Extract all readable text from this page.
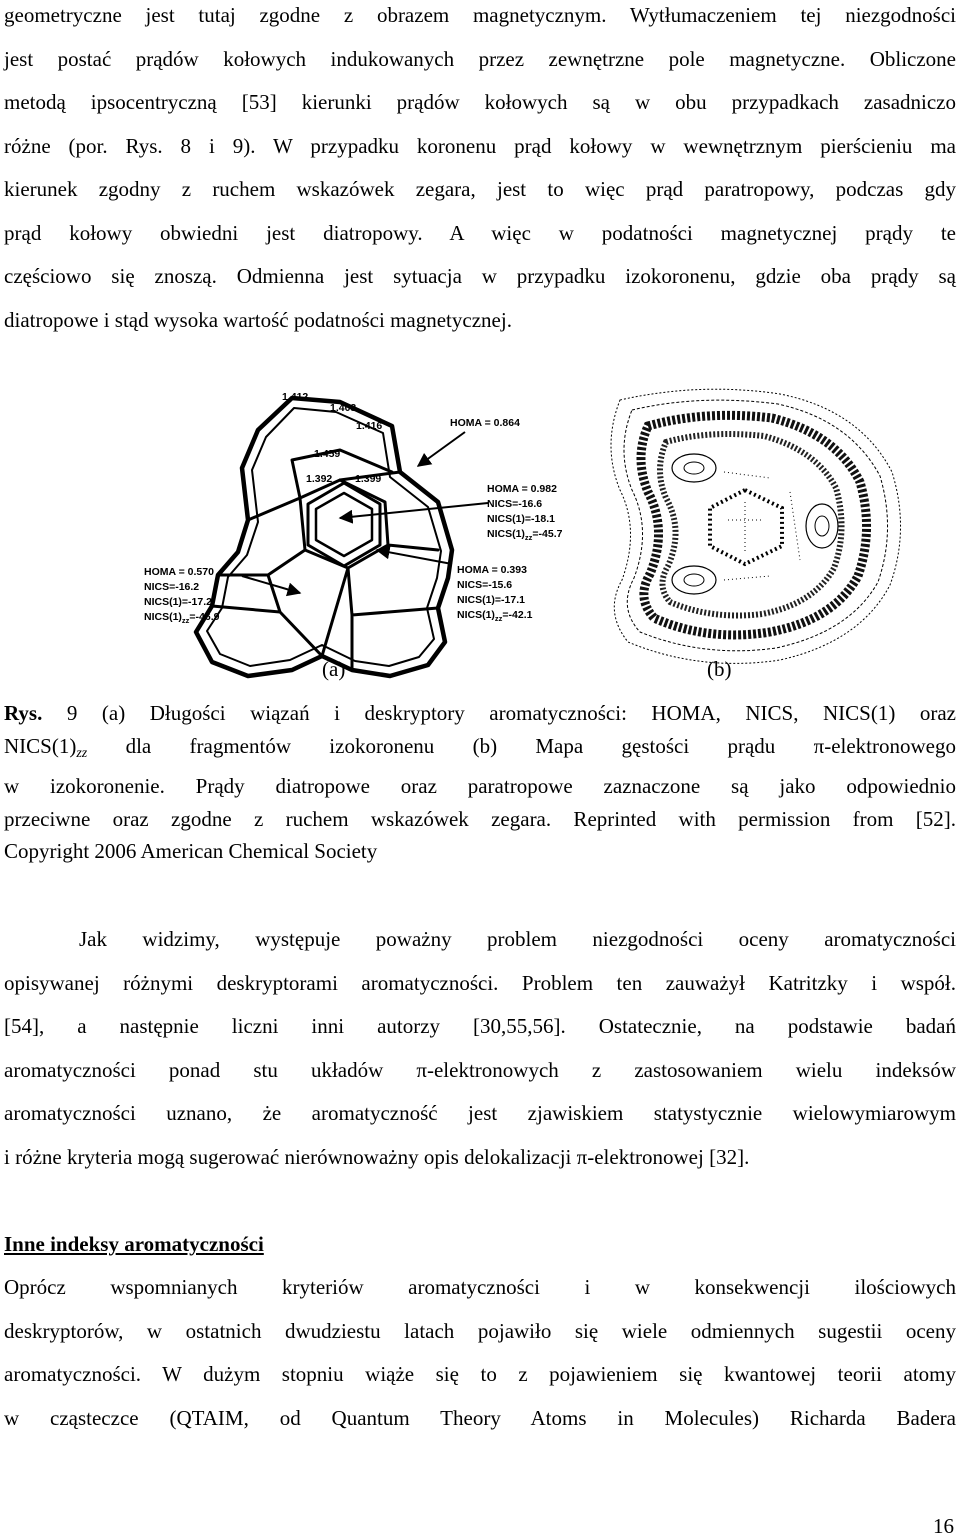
geometryczne jest tutaj zgodne z obrazem magnetycznym. Wytłumaczeniem tej niezgodności
jest postać prądów kołowych indukowanych przez zewnętrzne pole magnetyczne. Obliczone
metodą ipsocentryczną [53] kierunki prądów kołowych są w obu przypadkach zasadniczo
różne (por. Rys. 8 i 9). W przypadku koronenu prąd kołowy w wewnętrznym pierścieniu ma
kierunek zgodny z ruchem wskazówek zegara, jest to więc prąd paratropowy, podczas gdy
prąd kołowy obwiedni jest diatropowy. A więc w podatności magnetycznej prądy te
częściowo się znoszą. Odmienna jest sytuacja w przypadku izokoronenu, gdzie oba prądy są
diatropowe i stąd wysoka wartość podatności magnetycznej.
1.412
1.403
1.416
1.459
1.392 1.399
HOMA = 0.864
HOMA = 0.982
NICS=-16.6
NICS(1)=-18.1
$NICS(1)_{zz}=-45.7$
HOMA = 0.570
NICS=-16.2
NICS(1)=-17.2
$NICS(1)_{zz}=-46.9$
HOMA = 0.393
NICS=-15.6
NICS(1)=-17.1
$NICS(1)_{zz}=-42.1$
(a)	(b)
Rys. 9 (a) Długości wiązań i deskryptory aromatyczności: HOMA, NICS, NICS(1) oraz
$NICS(1)_{zz}$ dla fragmentów izokoronenu (b) Mapa gęstości prądu π-elektronowego
w izokoronenie. Prądy diatropowe oraz paratropowe zaznaczone są jako odpowiednio
przeciwne oraz zgodne z ruchem wskazówek zegara. Reprinted with permission from [52].
Copyright 2006 American Chemical Society
Jak widzimy, występuje poważny problem niezgodności oceny aromatyczności
opisywanej różnymi deskryptorami aromatyczności. Problem ten zauważył Katritzky i współ.
[54], a następnie liczni inni autorzy [30,55,56]. Ostatecznie, na podstawie badań
aromatyczności ponad stu układów π-elektronowych z zastosowaniem wielu indeksów
aromatyczności uznano, że aromatyczność jest zjawiskiem statystycznie wielowymiarowym
i różne kryteria mogą sugerować nierównoważny opis delokalizacji π-elektronowej [32].
Inne indeksy aromatyczności
Oprócz wspomnianych kryteriów aromatyczności i w konsekwencji ilościowych
deskryptorów, w ostatnich dwudziestu latach pojawiło się wiele odmiennych sugestii oceny
aromatyczności. W dużym stopniu wiąże się to z pojawieniem się kwantowej teorii atomy
w cząsteczce (QTAIM, od Quantum Theory Atoms in Molecules) Richarda Badera
16
